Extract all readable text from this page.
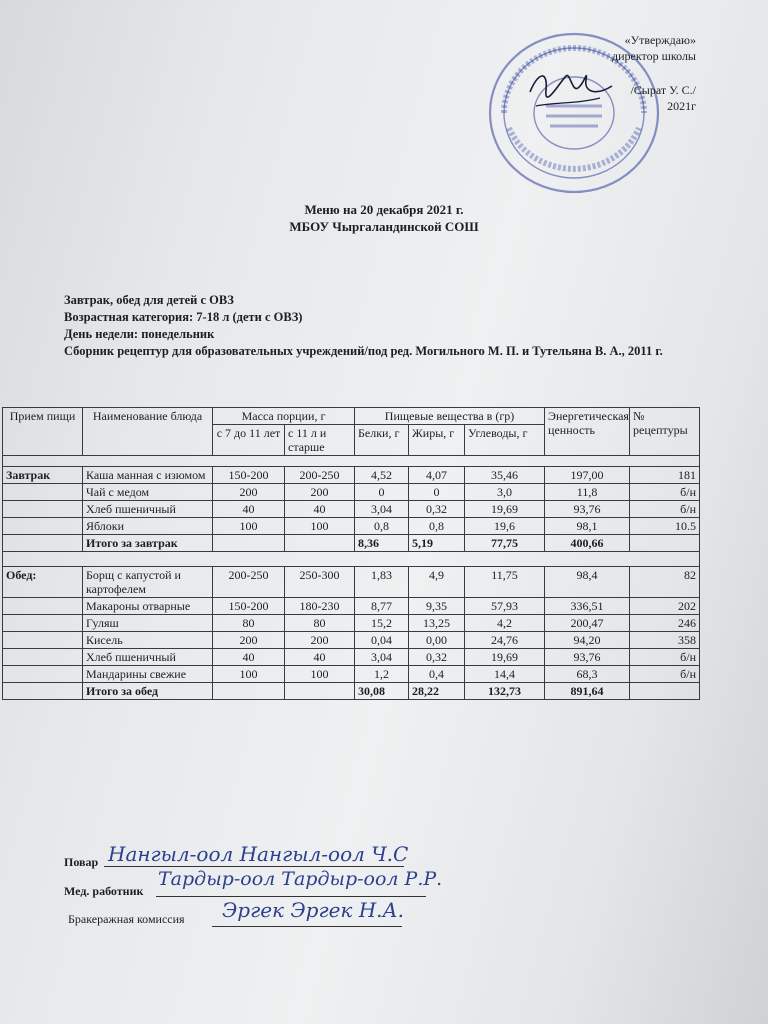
«Утверждаю»
директор школы
/Сырат У. С./
2021г
Меню на 20 декабря 2021 г.
МБОУ Чыргаландинской СОШ
Завтрак, обед для детей с ОВЗ
Возрастная категория: 7-18 л (дети с ОВЗ)
День недели: понедельник
Сборник рецептур для образовательных учреждений/под ред. Могильного М. П. и Тутельяна В. А., 2011 г.
Прием пищи	Наименование блюда	Масса порции, г		Пищевые вещества в (гр)			Энергетическая ценность	№ рецептуры
		с 7 до 11 лет	с 11 л и старше	Белки, г	Жиры, г	Углеводы, г		

Завтрак	Каша манная с изюмом	150-200	200-250	4,52	4,07	35,46	197,00	181
	Чай с медом	200	200	0	0	3,0	11,8	б/н
	Хлеб пшеничный	40	40	3,04	0,32	19,69	93,76	б/н
	Яблоки	100	100	0,8	0,8	19,6	98,1	10.5
	Итого за завтрак			8,36	5,19	77,75	400,66	

Обед:	Борщ с капустой и картофелем	200-250	250-300	1,83	4,9	11,75	98,4	82
	Макароны отварные	150-200	180-230	8,77	9,35	57,93	336,51	202
	Гуляш	80	80	15,2	13,25	4,2	200,47	246
	Кисель	200	200	0,04	0,00	24,76	94,20	358
	Хлеб пшеничный	40	40	3,04	0,32	19,69	93,76	б/н
	Мандарины свежие	100	100	1,2	0,4	14,4	68,3	б/н
	Итого за обед			30,08	28,22	132,73	891,64	
Повар Нангыл-оол Нангыл-оол Ч.С
Мед. работник
Тардыр-оол Тардыр-оол Р.Р.
Бракеражная комиссия Эргек Эргек Н.А.
